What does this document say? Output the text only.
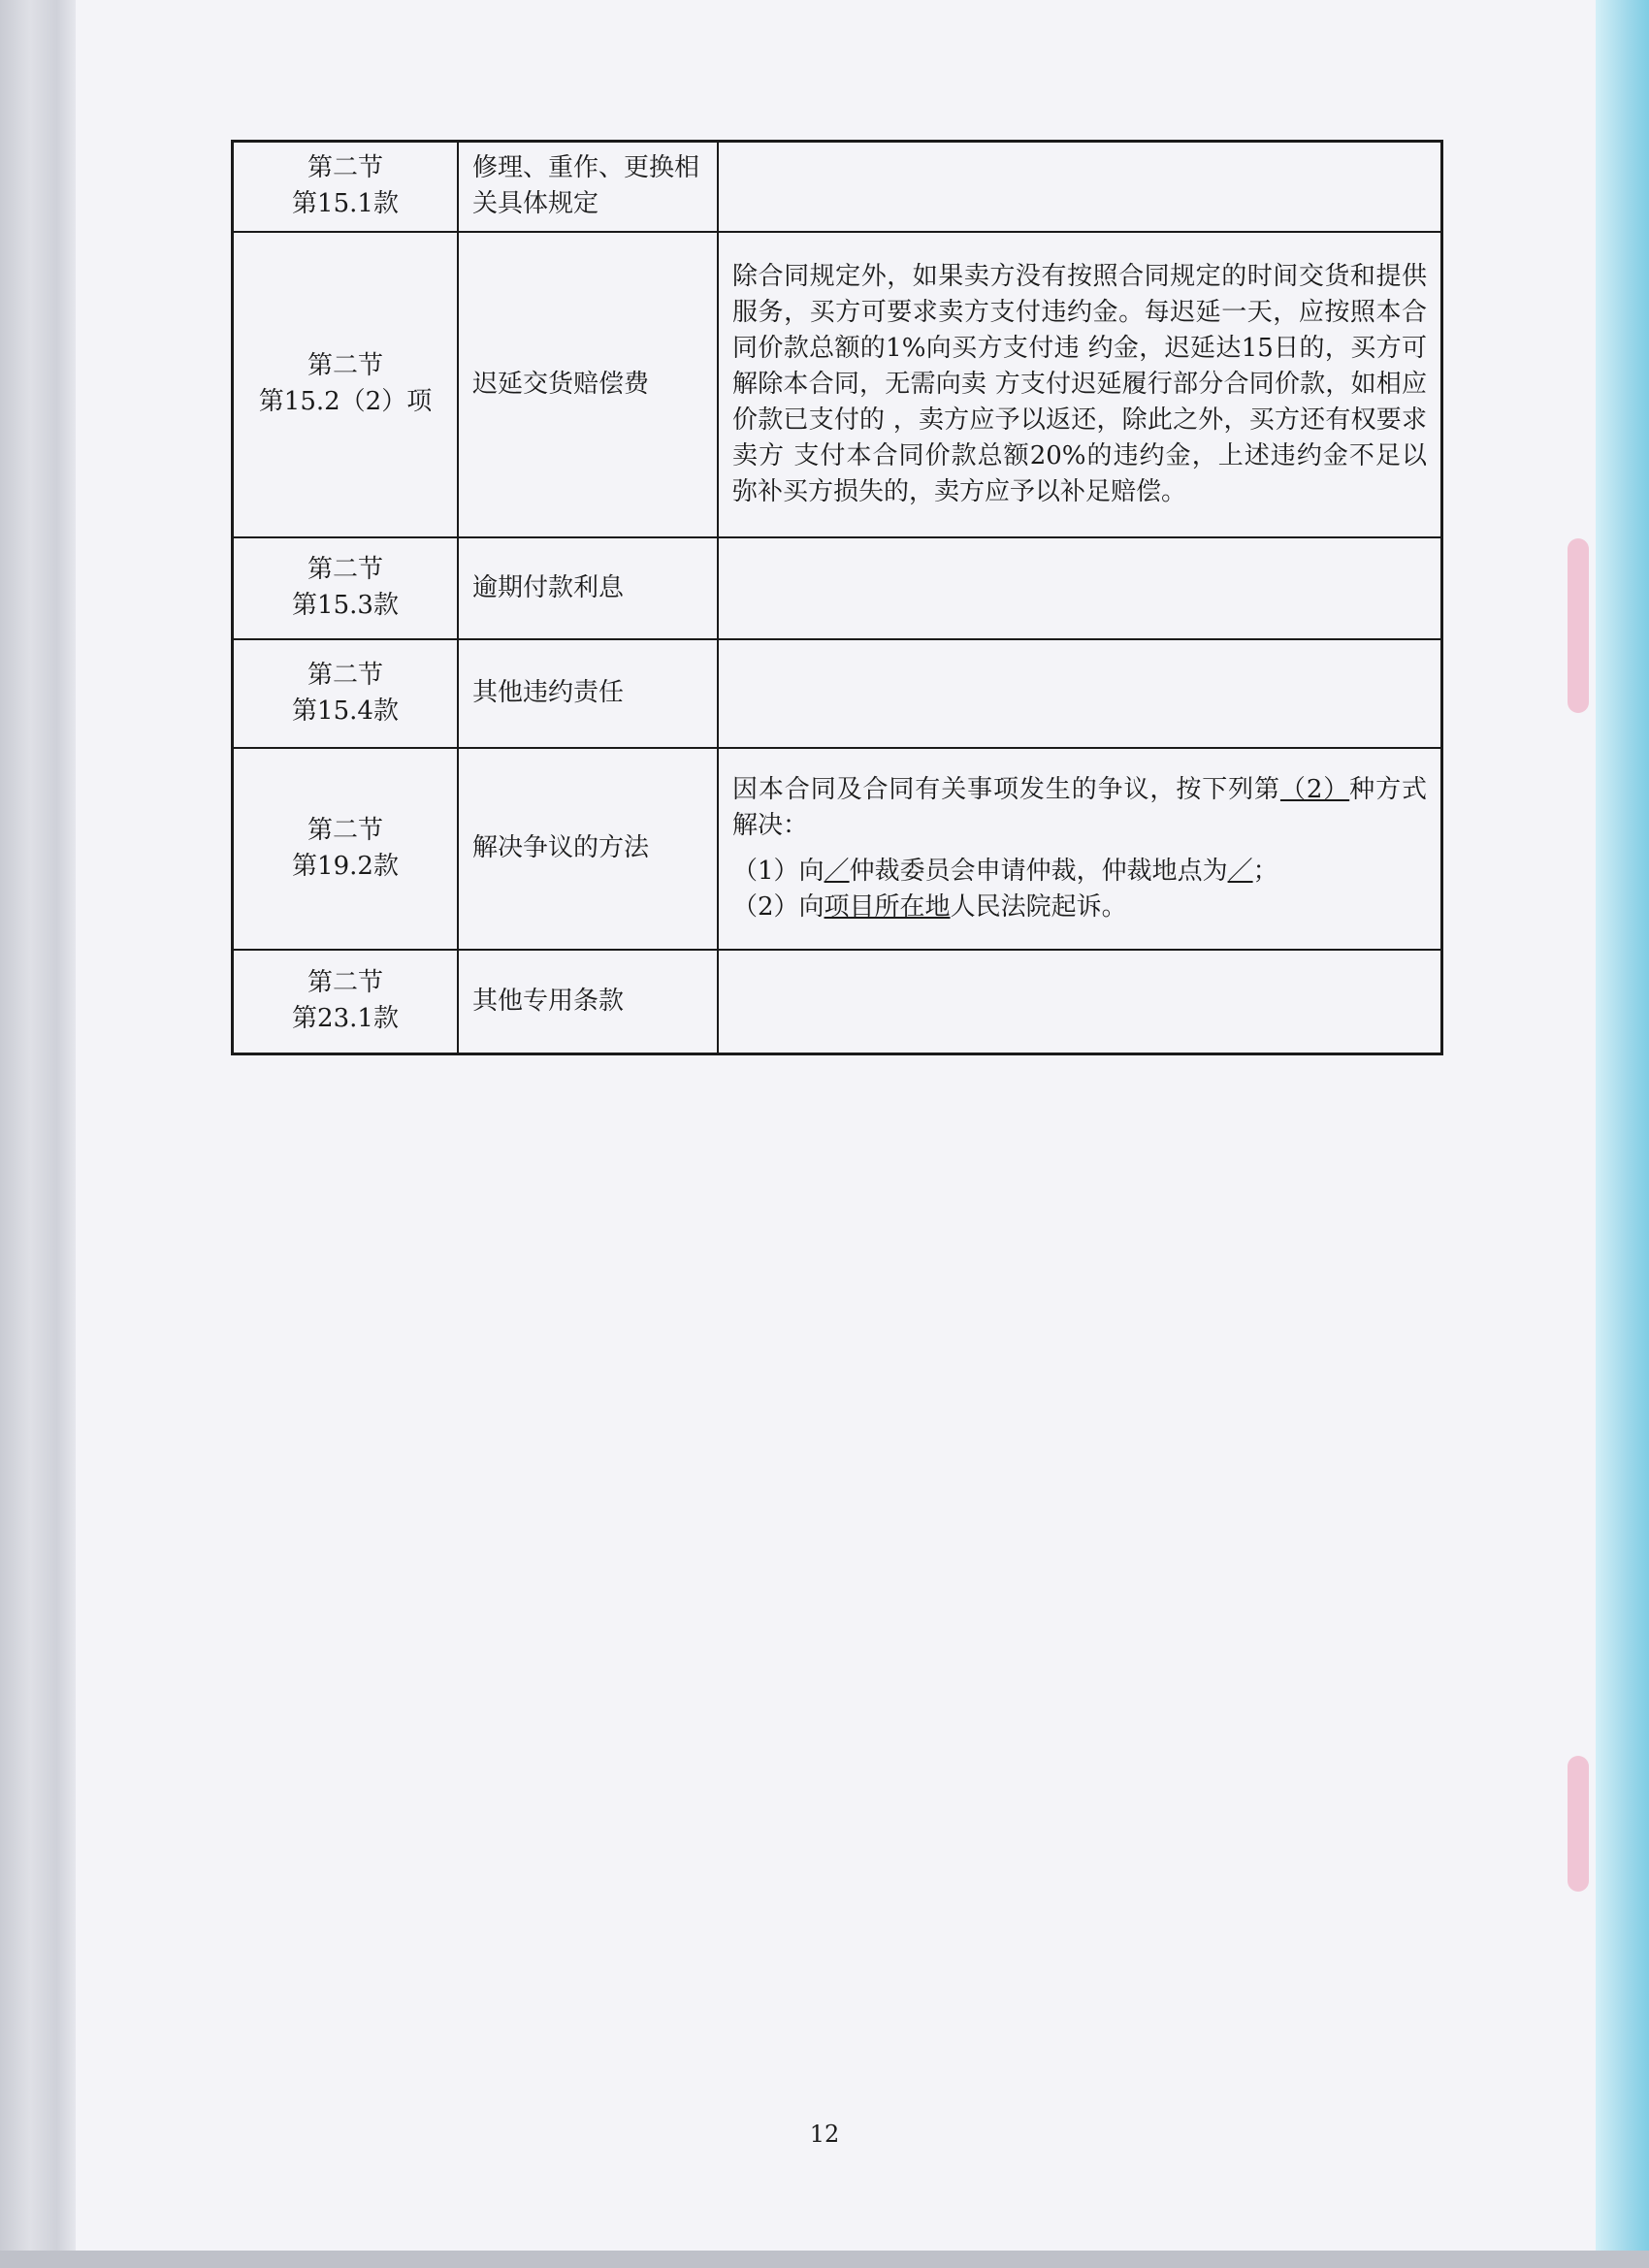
第二节
第15.1款	修理、重作、更换相关具体规定	

第二节
第15.2（2）项	迟延交货赔偿费	除合同规定外，如果卖方没有按照合同规定的时间交货和提供服务，买方可要求卖方支付违约金。每迟延一天，应按照本合同价款总额的1%向买方支付违 约金，迟延达15日的，买方可解除本合同，无需向卖 方支付迟延履行部分合同价款，如相应价款已支付的 ，卖方应予以返还，除此之外，买方还有权要求卖方 支付本合同价款总额20%的违约金，上述违约金不足以 弥补买方损失的，卖方应予以补足赔偿。

第二节
第15.3款	逾期付款利息	

第二节
第15.4款	其他违约责任	

第二节
第19.2款	解决争议的方法	因本合同及合同有关事项发生的争议，按下列第（2）种方式解决：
（1）向／仲裁委员会申请仲裁，仲裁地点为／；
（2）向项目所在地人民法院起诉。

第二节
第23.1款	其他专用条款	
12
